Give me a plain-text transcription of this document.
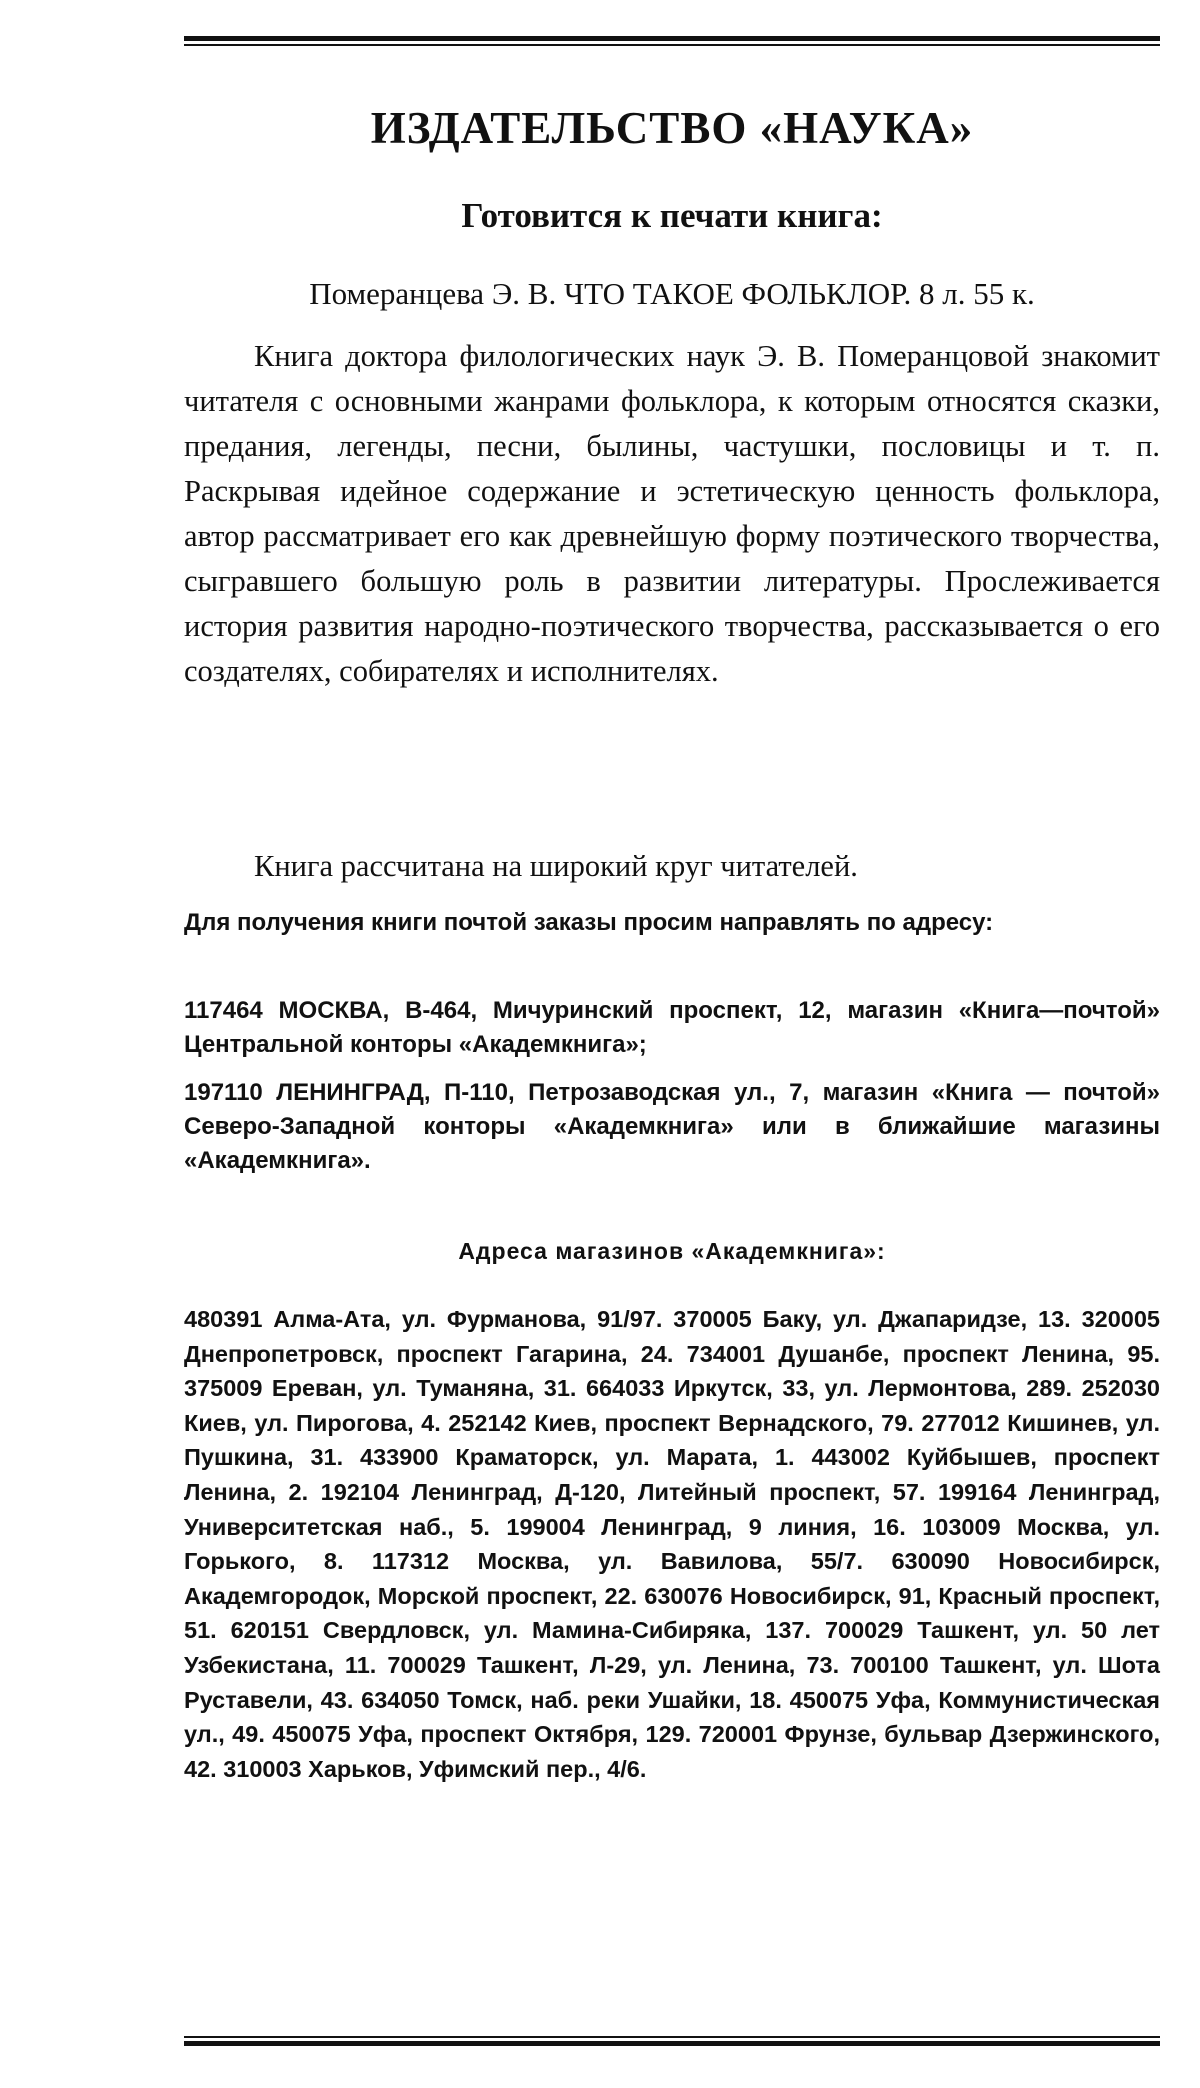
ИЗДАТЕЛЬСТВО «НАУКА»
Готовится к печати книга:

Померанцева Э. В. ЧТО ТАКОЕ ФОЛЬКЛОР. 8 л. 55 к.

Книга доктора филологических наук Э. В. Померанцовой знакомит читателя с основными жанрами фольклора, к которым относятся сказки, предания, легенды, песни, былины, частушки, пословицы и т. п. Раскрывая идейное содержание и эстетическую ценность фольклора, автор рассматривает его как древнейшую форму поэтического творчества, сыгравшего большую роль в развитии литературы. Прослеживается история развития народно-поэтического творчества, рассказывается о его создателях, собирателях и исполнителях.

Книга рассчитана на широкий круг читателей.

Для получения книги почтой заказы просим направлять по адресу:

117464 МОСКВА, В-464, Мичуринский проспект, 12, магазин «Книга—почтой» Центральной конторы «Академкнига»;

197110 ЛЕНИНГРАД, П-110, Петрозаводская ул., 7, магазин «Книга — почтой» Северо-Западной конторы «Академкнига» или в ближайшие магазины «Академкнига».

Адреса магазинов «Академкнига»:

480391 Алма-Ата, ул. Фурманова, 91/97. 370005 Баку, ул. Джапаридзе, 13. 320005 Днепропетровск, проспект Гагарина, 24. 734001 Душанбе, проспект Ленина, 95. 375009 Ереван, ул. Туманяна, 31. 664033 Иркутск, 33, ул. Лермонтова, 289. 252030 Киев, ул. Пирогова, 4. 252142 Киев, проспект Вернадского, 79. 277012 Кишинев, ул. Пушкина, 31. 433900 Краматорск, ул. Марата, 1. 443002 Куйбышев, проспект Ленина, 2. 192104 Ленинград, Д-120, Литейный проспект, 57. 199164 Ленинград, Университетская наб., 5. 199004 Ленинград, 9 линия, 16. 103009 Москва, ул. Горького, 8. 117312 Москва, ул. Вавилова, 55/7. 630090 Новосибирск, Академгородок, Морской проспект, 22. 630076 Новосибирск, 91, Красный проспект, 51. 620151 Свердловск, ул. Мамина-Сибиряка, 137. 700029 Ташкент, ул. 50 лет Узбекистана, 11. 700029 Ташкент, Л-29, ул. Ленина, 73. 700100 Ташкент, ул. Шота Руставели, 43. 634050 Томск, наб. реки Ушайки, 18. 450075 Уфа, Коммунистическая ул., 49. 450075 Уфа, проспект Октября, 129. 720001 Фрунзе, бульвар Дзержинского, 42. 310003 Харьков, Уфимский пер., 4/6.
